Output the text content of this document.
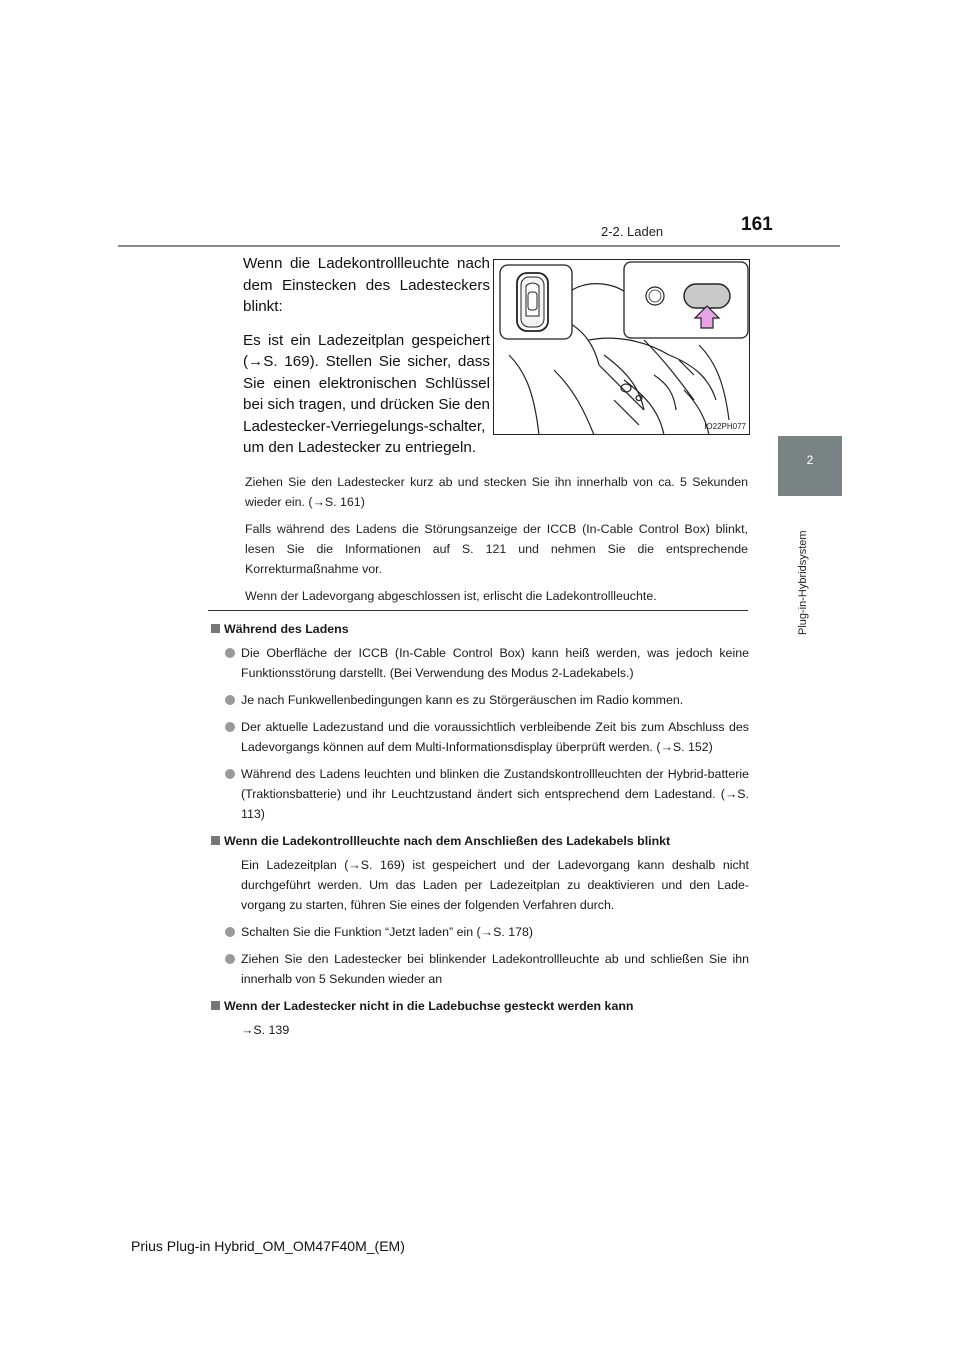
2-2. Laden	161
2
Plug-in-Hybridsystem

Wenn die Ladekontrollleuchte nach dem Einstecken des Ladesteckers blinkt:

Es ist ein Ladezeitplan gespeichert (→S. 169). Stellen Sie sicher, dass Sie einen elektronischen Schlüssel bei sich tragen, und drücken Sie den Ladestecker-Verriegelungs-schalter, um den Ladestecker zu entriegeln.

IO22PH077

Ziehen Sie den Ladestecker kurz ab und stecken Sie ihn innerhalb von ca. 5 Sekunden wieder ein. (→S. 161)

Falls während des Ladens die Störungsanzeige der ICCB (In-Cable Control Box) blinkt, lesen Sie die Informationen auf S. 121 und nehmen Sie die entsprechende Korrekturmaßnahme vor.

Wenn der Ladevorgang abgeschlossen ist, erlischt die Ladekontrollleuchte.

Während des Ladens
Die Oberfläche der ICCB (In-Cable Control Box) kann heiß werden, was jedoch keine Funktionsstörung darstellt. (Bei Verwendung des Modus 2-Ladekabels.)
Je nach Funkwellenbedingungen kann es zu Störgeräuschen im Radio kommen.
Der aktuelle Ladezustand und die voraussichtlich verbleibende Zeit bis zum Abschluss des Ladevorgangs können auf dem Multi-Informationsdisplay überprüft werden. (→S. 152)
Während des Ladens leuchten und blinken die Zustandskontrollleuchten der Hybrid-batterie (Traktionsbatterie) und ihr Leuchtzustand ändert sich entsprechend dem Ladestand. (→S. 113)
Wenn die Ladekontrollleuchte nach dem Anschließen des Ladekabels blinkt
Ein Ladezeitplan (→S. 169) ist gespeichert und der Ladevorgang kann deshalb nicht durchgeführt werden. Um das Laden per Ladezeitplan zu deaktivieren und den Lade-vorgang zu starten, führen Sie eines der folgenden Verfahren durch.
Schalten Sie die Funktion “Jetzt laden” ein (→S. 178)
Ziehen Sie den Ladestecker bei blinkender Ladekontrollleuchte ab und schließen Sie ihn innerhalb von 5 Sekunden wieder an
Wenn der Ladestecker nicht in die Ladebuchse gesteckt werden kann
→S. 139
Prius Plug-in Hybrid_OM_OM47F40M_(EM)
